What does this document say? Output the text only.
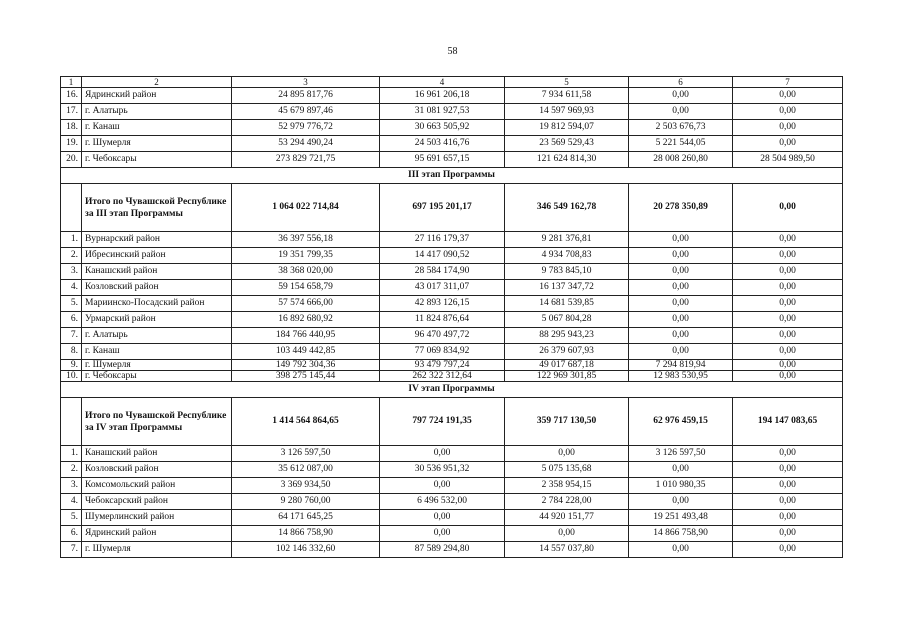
58
1	2	3	4	5	6	7
16.	Ядринский район	24 895 817,76	16 961 206,18	7 934 611,58	0,00	0,00
17.	г. Алатырь	45 679 897,46	31 081 927,53	14 597 969,93	0,00	0,00
18.	г. Канаш	52 979 776,72	30 663 505,92	19 812 594,07	2 503 676,73	0,00
19.	г. Шумерля	53 294 490,24	24 503 416,76	23 569 529,43	5 221 544,05	0,00
20.	г. Чебоксары	273 829 721,75	95 691 657,15	121 624 814,30	28 008 260,80	28 504 989,50
III этап Программы						
	Итого по Чувашской Республике за III этап Программы	1 064 022 714,84	697 195 201,17	346 549 162,78	20 278 350,89	0,00
1.	Вурнарский район	36 397 556,18	27 116 179,37	9 281 376,81	0,00	0,00
2.	Ибресинский район	19 351 799,35	14 417 090,52	4 934 708,83	0,00	0,00
3.	Канашский район	38 368 020,00	28 584 174,90	9 783 845,10	0,00	0,00
4.	Козловский район	59 154 658,79	43 017 311,07	16 137 347,72	0,00	0,00
5.	Мариинско-Посадский район	57 574 666,00	42 893 126,15	14 681 539,85	0,00	0,00
6.	Урмарский район	16 892 680,92	11 824 876,64	5 067 804,28	0,00	0,00
7.	г. Алатырь	184 766 440,95	96 470 497,72	88 295 943,23	0,00	0,00
8.	г. Канаш	103 449 442,85	77 069 834,92	26 379 607,93	0,00	0,00
9.	г. Шумерля	149 792 304,36	93 479 797,24	49 017 687,18	7 294 819,94	0,00
10.	г. Чебоксары	398 275 145,44	262 322 312,64	122 969 301,85	12 983 530,95	0,00
IV этап Программы						
	Итого по Чувашской Республике за IV этап Программы	1 414 564 864,65	797 724 191,35	359 717 130,50	62 976 459,15	194 147 083,65
1.	Канашский район	3 126 597,50	0,00	0,00	3 126 597,50	0,00
2.	Козловский район	35 612 087,00	30 536 951,32	5 075 135,68	0,00	0,00
3.	Комсомольский район	3 369 934,50	0,00	2 358 954,15	1 010 980,35	0,00
4.	Чебоксарский район	9 280 760,00	6 496 532,00	2 784 228,00	0,00	0,00
5.	Шумерлинский район	64 171 645,25	0,00	44 920 151,77	19 251 493,48	0,00
6.	Ядринский район	14 866 758,90	0,00	0,00	14 866 758,90	0,00
7.	г. Шумерля	102 146 332,60	87 589 294,80	14 557 037,80	0,00	0,00
